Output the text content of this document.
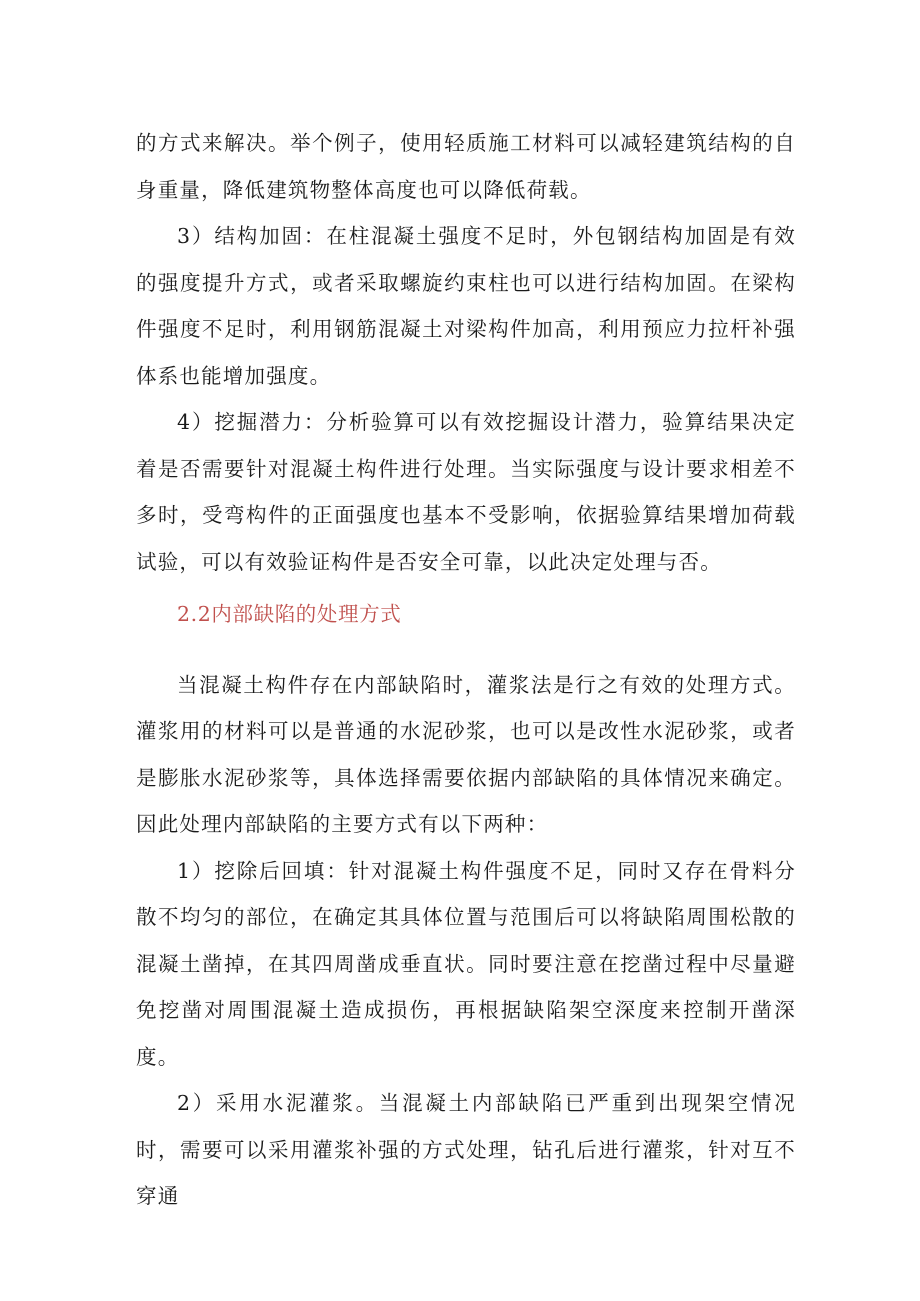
的方式来解决。举个例子，使用轻质施工材料可以减轻建筑结构的自身重量，降低建筑物整体高度也可以降低荷载。

3）结构加固：在柱混凝土强度不足时，外包钢结构加固是有效的强度提升方式，或者采取螺旋约束柱也可以进行结构加固。在梁构件强度不足时，利用钢筋混凝土对梁构件加高，利用预应力拉杆补强体系也能增加强度。

4）挖掘潜力：分析验算可以有效挖掘设计潜力，验算结果决定着是否需要针对混凝土构件进行处理。当实际强度与设计要求相差不多时，受弯构件的正面强度也基本不受影响，依据验算结果增加荷载试验，可以有效验证构件是否安全可靠，以此决定处理与否。

2.2内部缺陷的处理方式

当混凝土构件存在内部缺陷时，灌浆法是行之有效的处理方式。灌浆用的材料可以是普通的水泥砂浆，也可以是改性水泥砂浆，或者是膨胀水泥砂浆等，具体选择需要依据内部缺陷的具体情况来确定。因此处理内部缺陷的主要方式有以下两种：

1）挖除后回填：针对混凝土构件强度不足，同时又存在骨料分散不均匀的部位，在确定其具体位置与范围后可以将缺陷周围松散的混凝土凿掉，在其四周凿成垂直状。同时要注意在挖凿过程中尽量避免挖凿对周围混凝土造成损伤，再根据缺陷架空深度来控制开凿深度。

2）采用水泥灌浆。当混凝土内部缺陷已严重到出现架空情况时，需要可以采用灌浆补强的方式处理，钻孔后进行灌浆，针对互不穿通
